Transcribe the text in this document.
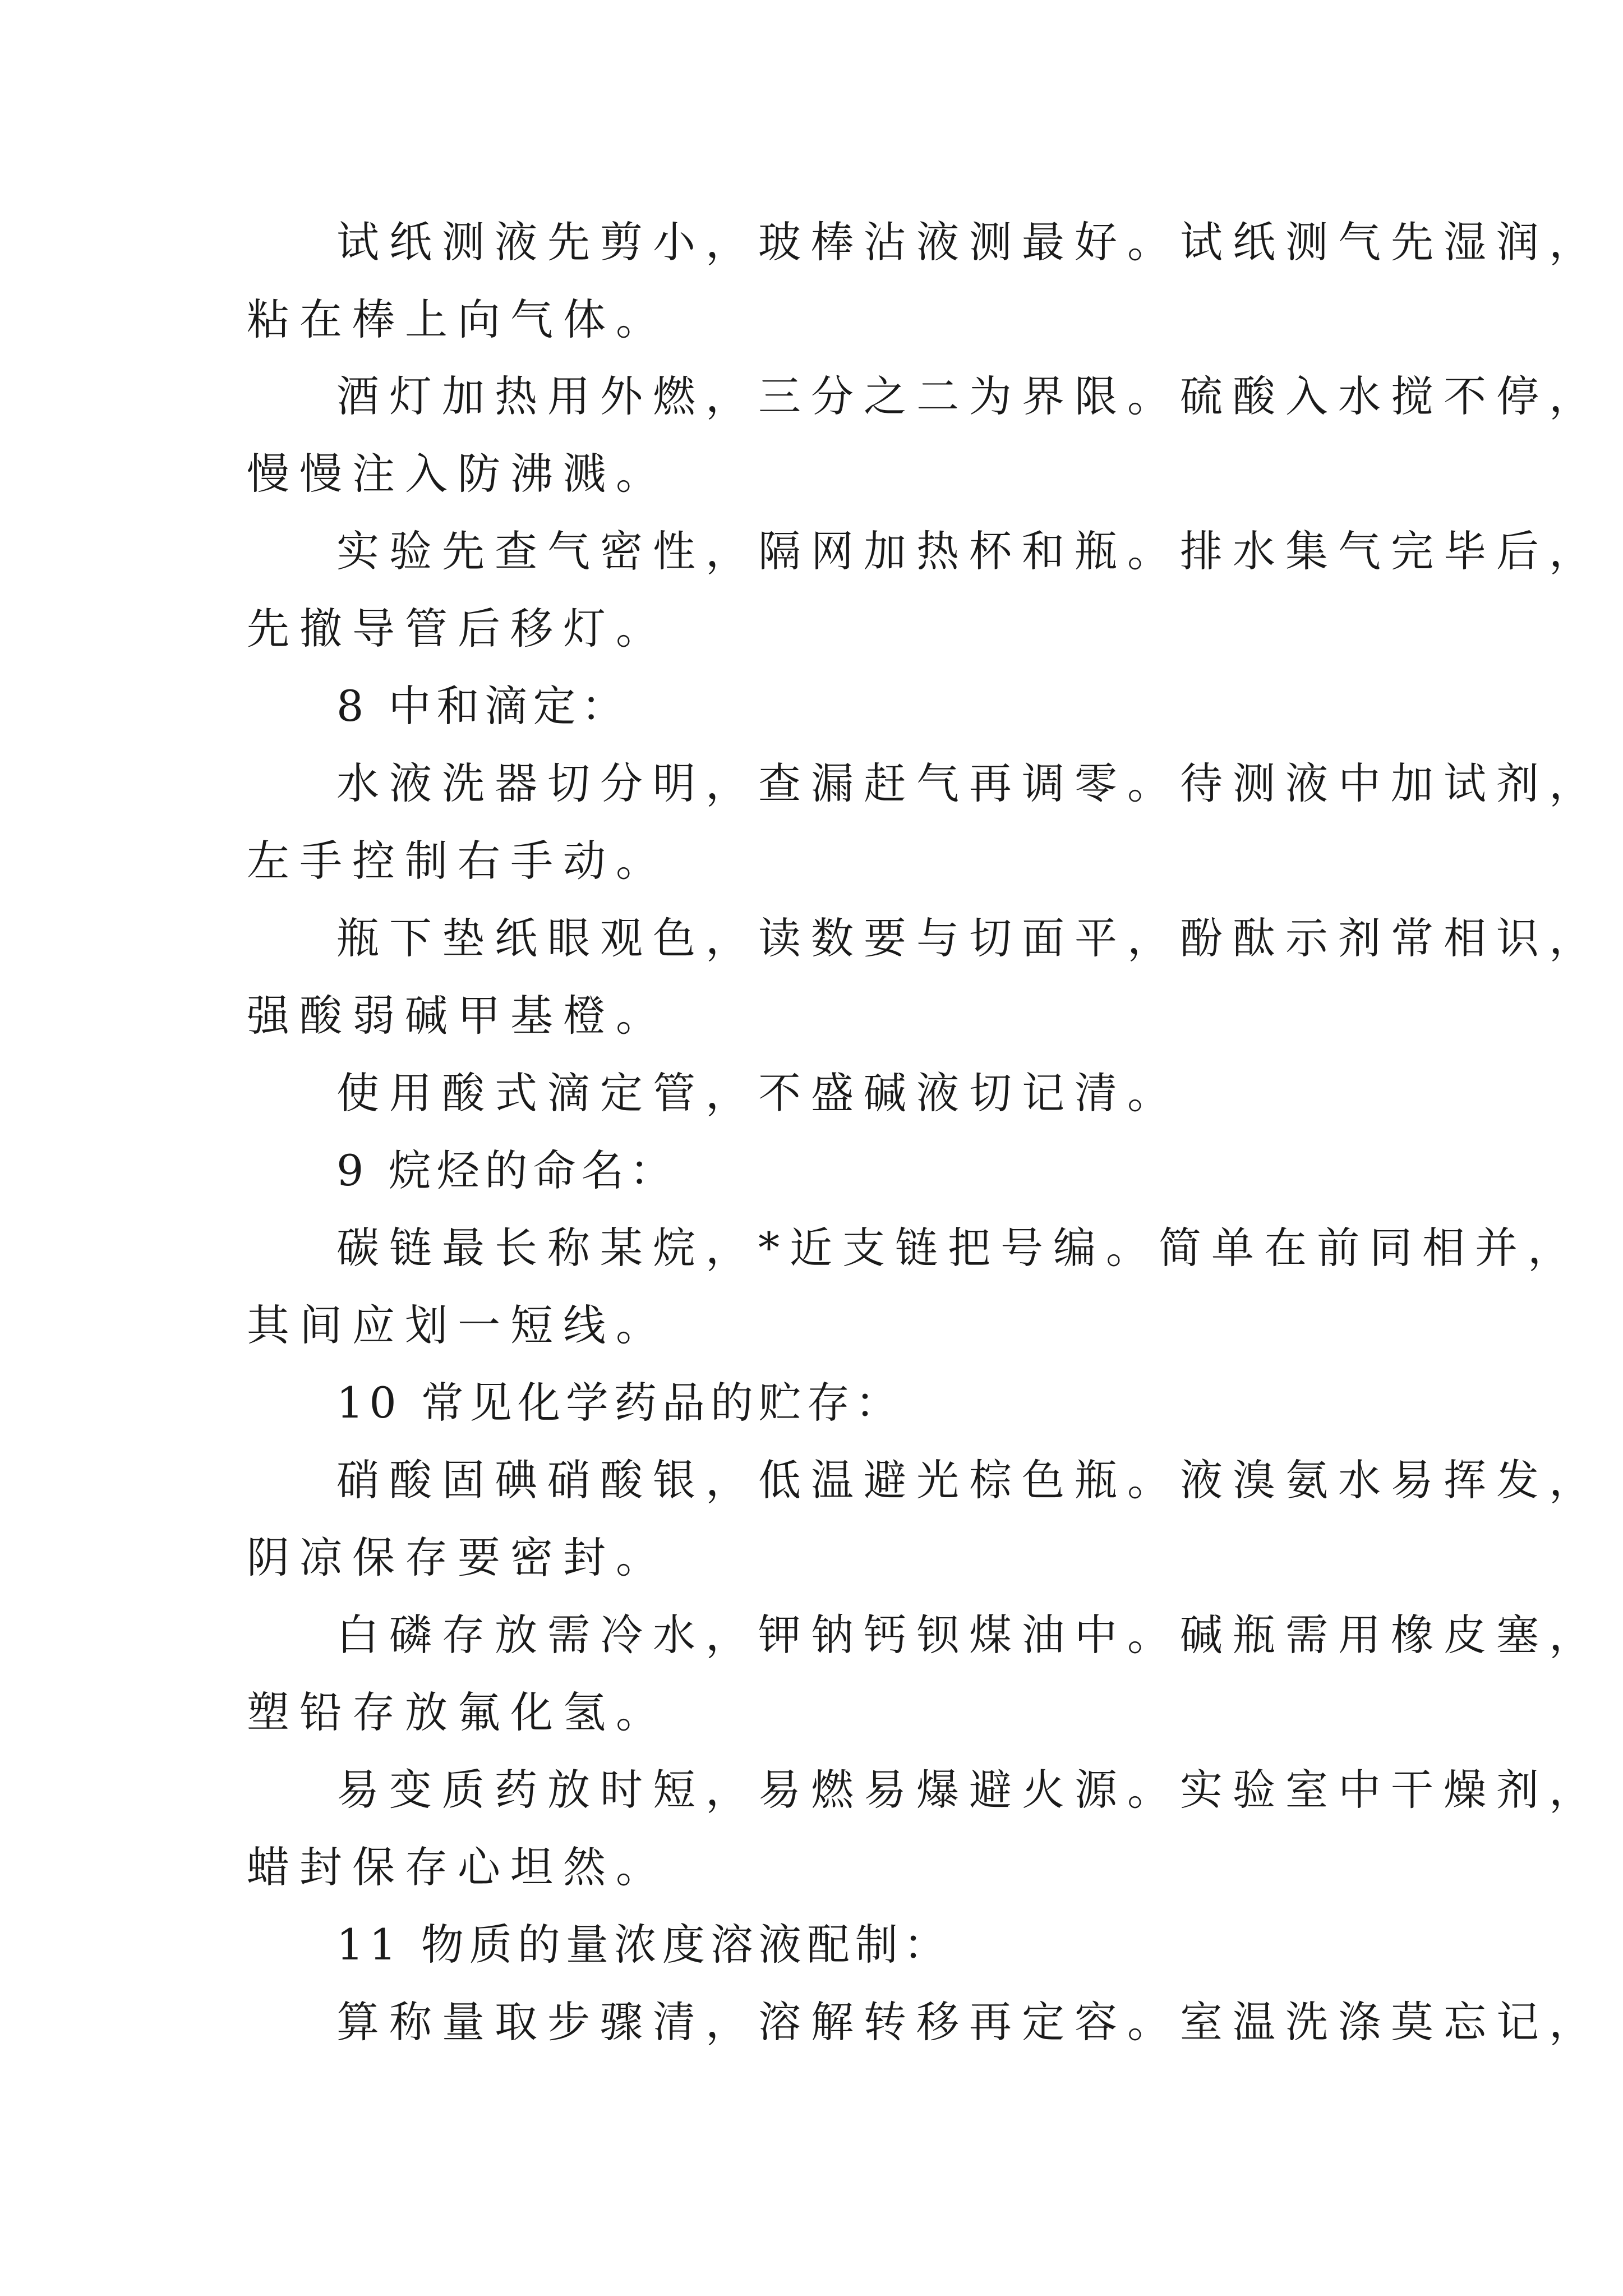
试纸测液先剪小，玻棒沾液测最好。试纸测气先湿润，
粘在棒上向气体。
酒灯加热用外燃，三分之二为界限。硫酸入水搅不停，
慢慢注入防沸溅。
实验先查气密性，隔网加热杯和瓶。排水集气完毕后，
先撤导管后移灯。
8 中和滴定：
水液洗器切分明，查漏赶气再调零。待测液中加试剂，
左手控制右手动。
瓶下垫纸眼观色，读数要与切面平，酚酞示剂常相识，
强酸弱碱甲基橙。
使用酸式滴定管，不盛碱液切记清。
9 烷烃的命名：
碳链最长称某烷，*近支链把号编。简单在前同相并，
其间应划一短线。
10 常见化学药品的贮存：
硝酸固碘硝酸银，低温避光棕色瓶。液溴氨水易挥发，
阴凉保存要密封。
白磷存放需冷水，钾钠钙钡煤油中。碱瓶需用橡皮塞，
塑铅存放氟化氢。
易变质药放时短，易燃易爆避火源。实验室中干燥剂，
蜡封保存心坦然。
11 物质的量浓度溶液配制：
算称量取步骤清，溶解转移再定容。室温洗涤莫忘记，
